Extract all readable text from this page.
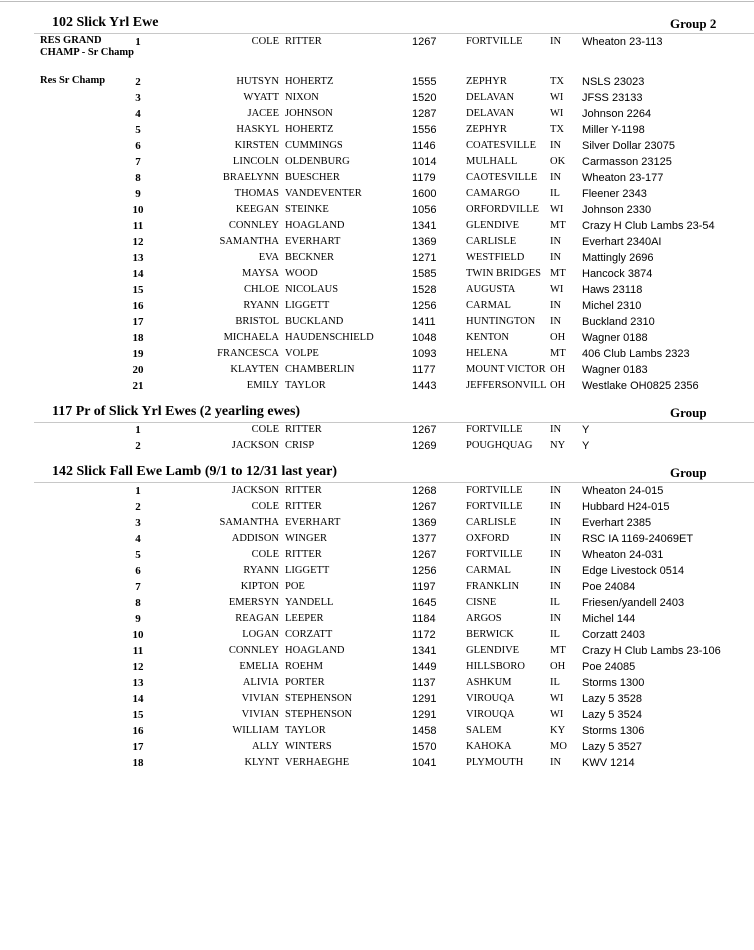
102 Slick Yrl Ewe	Group 2
RES GRAND CHAMP - Sr Champ
1	COLE RITTER	1267	FORTVILLE	IN Wheaton 23-113
Res Sr Champ	2	HUTSYN HOHERTZ	1555	ZEPHYR	TX NSLS 23023
3	WYATT NIXON	1520	DELAVAN	WI JFSS 23133
4	JACEE JOHNSON	1287	DELAVAN	WI Johnson 2264
5	HASKYL HOHERTZ	1556	ZEPHYR	TX Miller Y-1198
6	KIRSTEN CUMMINGS	1146	COATESVILLE IN Silver Dollar 23075
7	LINCOLN OLDENBURG	1014	MULHALL	OK Carmasson 23125
8	BRAELYNN BUESCHER	1179	CAOTESVILLE IN Wheaton 23-177
9	THOMAS VANDEVENTER	1600	CAMARGO	IL Fleener 2343
10	KEEGAN STEINKE	1056	ORFORDVILLE WI Johnson 2330
11	CONNLEY HOAGLAND	1341	GLENDIVE	MT Crazy H Club Lambs 23-54
12	SAMANTHA EVERHART	1369	CARLISLE	IN Everhart 2340AI
13	EVA BECKNER	1271	WESTFIELD IN Mattingly 2696
14	MAYSA WOOD	1585	TWIN BRIDGES MT Hancock 3874
15	CHLOE NICOLAUS	1528	AUGUSTA	WI Haws 23118
16	RYANN LIGGETT	1256	CARMAL	IN Michel 2310
17	BRISTOL BUCKLAND	1411	HUNTINGTON IN Buckland 2310
18	MICHAELA HAUDENSCHIELD	1048	KENTON	OH Wagner 0188
19	FRANCESCA VOLPE	1093	HELENA	MT 406 Club Lambs 2323
20	KLAYTEN CHAMBERLIN	1177	MOUNT VICTOR OH Wagner 0183
21	EMILY TAYLOR	1443	JEFFERSONVILL OH Westlake OH0825 2356
117 Pr of Slick Yrl Ewes (2 yearling ewes)	Group
1	COLE RITTER	1267	FORTVILLE	IN Y
2	JACKSON CRISP	1269	POUGHQUAG NY Y
142 Slick Fall Ewe Lamb (9/1 to 12/31 last year)	Group
1	JACKSON RITTER	1268	FORTVILLE	IN Wheaton 24-015
2	COLE RITTER	1267	FORTVILLE	IN Hubbard H24-015
3	SAMANTHA EVERHART	1369	CARLISLE	IN Everhart 2385
4	ADDISON WINGER	1377	OXFORD	IN RSC IA 1169-24069ET
5	COLE RITTER	1267	FORTVILLE	IN Wheaton 24-031
6	RYANN LIGGETT	1256	CARMAL	IN Edge Livestock 0514
7	KIPTON POE	1197	FRANKLIN	IN Poe 24084
8	EMERSYN YANDELL	1645	CISNE	IL Friesen/yandell 2403
9	REAGAN LEEPER	1184	ARGOS	IN Michel 144
10	LOGAN CORZATT	1172	BERWICK	IL Corzatt 2403
11	CONNLEY HOAGLAND	1341	GLENDIVE	MT Crazy H Club Lambs 23-106
12	EMELIA ROEHM	1449	HILLSBORO OH Poe 24085
13	ALIVIA PORTER	1137	ASHKUM	IL Storms 1300
14	VIVIAN STEPHENSON	1291	VIROUQA	WI Lazy 5 3528
15	VIVIAN STEPHENSON	1291	VIROUQA	WI Lazy 5 3524
16	WILLIAM TAYLOR	1458	SALEM	KY Storms 1306
17	ALLY WINTERS	1570	KAHOKA	MO Lazy 5 3527
18	KLYNT VERHAEGHE	1041	PLYMOUTH	IN KWV 1214
